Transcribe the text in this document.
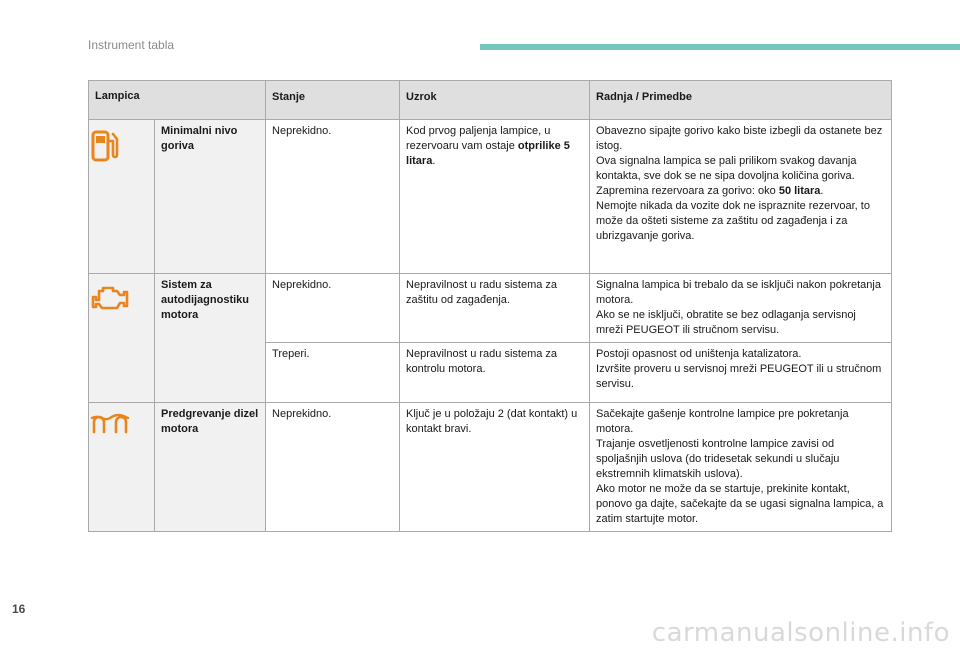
Instrument tabla
Lampica		Stanje	Uzrok	Radnja / Primedbe
	Minimalni nivo goriva	Neprekidno.	Kod prvog paljenja lampice, u rezervoaru vam ostaje otprilike 5 litara.	Obavezno sipajte gorivo kako biste izbegli da ostanete bez istog.
Ova signalna lampica se pali prilikom svakog davanja kontakta, sve dok se ne sipa dovoljna količina goriva.
Zapremina rezervoara za gorivo: oko 50 litara.
Nemojte nikada da vozite dok ne ispraznite rezervoar, to može da ošteti sisteme za zaštitu od zagađenja i za ubrizgavanje goriva.

	Sistem za autodijagnostiku motora	Neprekidno.	Nepravilnost u radu sistema za zaštitu od zagađenja.	Signalna lampica bi trebalo da se isključi nakon pokretanja motora.
Ako se ne isključi, obratite se bez odlaganja servisnoj mreži PEUGEOT ili stručnom servisu.

		Treperi.	Nepravilnost u radu sistema za kontrolu motora.	Postoji opasnost od uništenja katalizatora.
Izvršite proveru u servisnoj mreži PEUGEOT ili u stručnom servisu.

	Predgrevanje dizel motora	Neprekidno.	Ključ je u položaju 2 (dat kontakt) u kontakt bravi.	Sačekajte gašenje kontrolne lampice pre pokretanja motora.
Trajanje osvetljenosti kontrolne lampice zavisi od spoljašnjih uslova (do tridesetak sekundi u slučaju ekstremnih klimatskih uslova).
Ako motor ne može da se startuje, prekinite kontakt, ponovo ga dajte, sačekajte da se ugasi signalna lampica, a zatim startujte motor.
16
carmanualsonline.info
